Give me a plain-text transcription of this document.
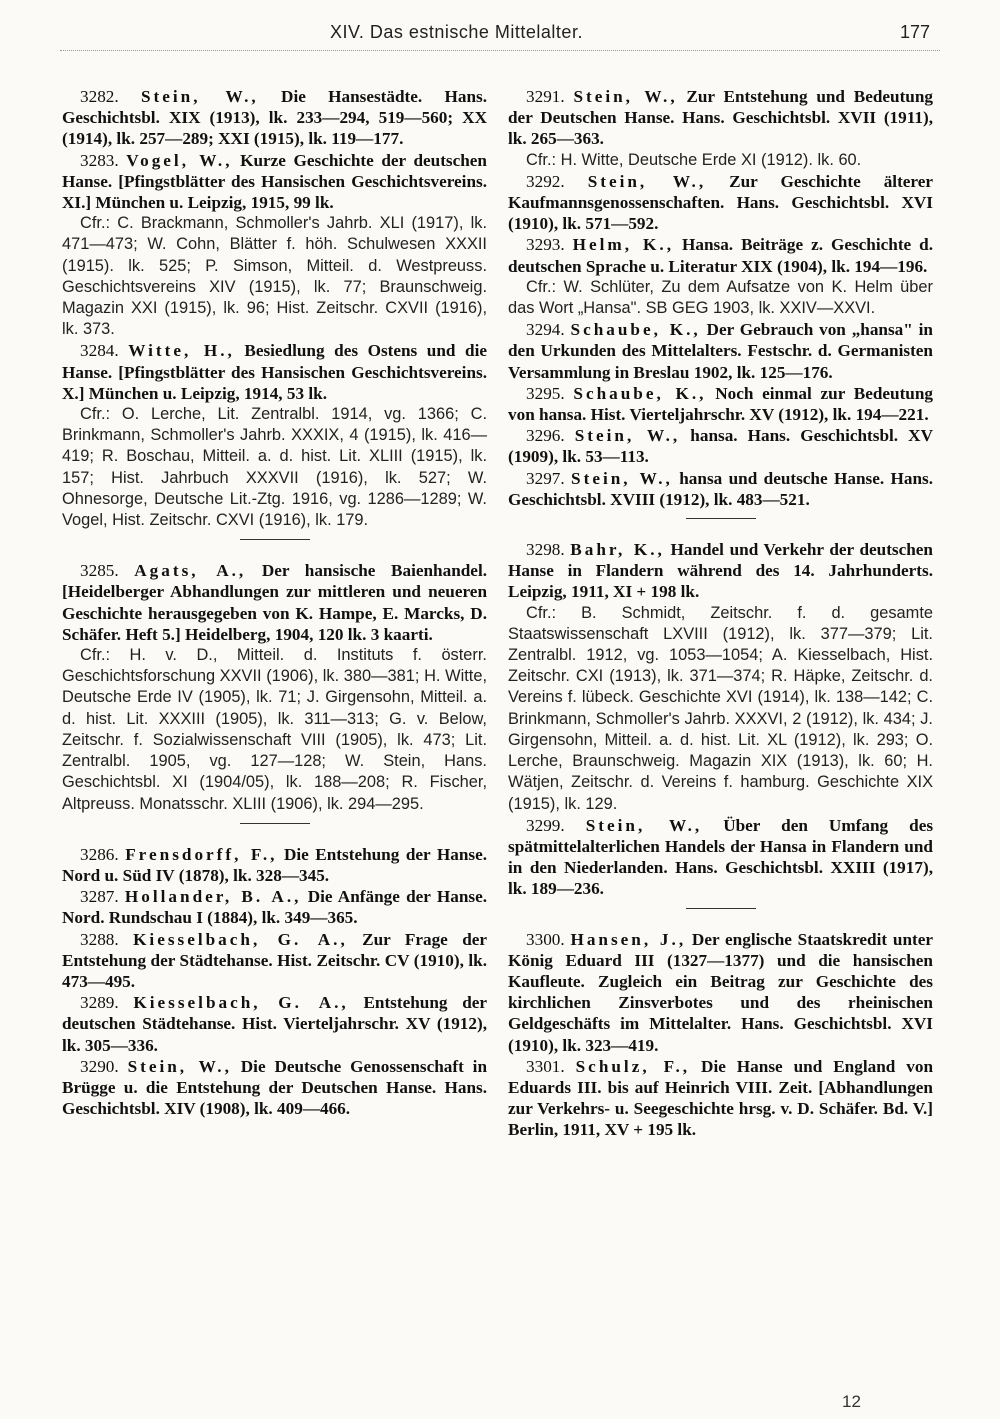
XIV. Das estnische Mittelalter.	177

3282. Stein, W., Die Hansestädte. Hans. Geschichtsbl. XIX (1913), lk. 233—294, 519—560; XX (1914), lk. 257—289; XXI (1915), lk. 119—177.

3283. Vogel, W., Kurze Geschichte der deutschen Hanse. [Pfingstblätter des Hansischen Geschichtsvereins. XI.] München u. Leipzig, 1915, 99 lk.

Cfr.: C. Brackmann, Schmoller's Jahrb. XLI (1917), lk. 471—473; W. Cohn, Blätter f. höh. Schulwesen XXXII (1915). lk. 525; P. Simson, Mitteil. d. Westpreuss. Geschichtsvereins XIV (1915), lk. 77; Braunschweig. Magazin XXI (1915), lk. 96; Hist. Zeitschr. CXVII (1916), lk. 373.

3284. Witte, H., Besiedlung des Ostens und die Hanse. [Pfingstblätter des Hansischen Geschichtsvereins. X.] München u. Leipzig, 1914, 53 lk.

Cfr.: O. Lerche, Lit. Zentralbl. 1914, vg. 1366; C. Brinkmann, Schmoller's Jahrb. XXXIX, 4 (1915), lk. 416—419; R. Boschau, Mitteil. a. d. hist. Lit. XLIII (1915), lk. 157; Hist. Jahrbuch XXXVII (1916), lk. 527; W. Ohnesorge, Deutsche Lit.-Ztg. 1916, vg. 1286—1289; W. Vogel, Hist. Zeitschr. CXVI (1916), lk. 179.

3285. Agats, A., Der hansische Baienhandel. [Heidelberger Abhandlungen zur mittleren und neueren Geschichte herausgegeben von K. Hampe, E. Marcks, D. Schäfer. Heft 5.] Heidelberg, 1904, 120 lk. 3 kaarti.

Cfr.: H. v. D., Mitteil. d. Instituts f. österr. Geschichtsforschung XXVII (1906), lk. 380—381; H. Witte, Deutsche Erde IV (1905), lk. 71; J. Girgensohn, Mitteil. a. d. hist. Lit. XXXIII (1905), lk. 311—313; G. v. Below, Zeitschr. f. Sozialwissenschaft VIII (1905), lk. 473; Lit. Zentralbl. 1905, vg. 127—128; W. Stein, Hans. Geschichtsbl. XI (1904/05), lk. 188—208; R. Fischer, Altpreuss. Monatsschr. XLIII (1906), lk. 294—295.

3286. Frensdorff, F., Die Entstehung der Hanse. Nord u. Süd IV (1878), lk. 328—345.

3287. Hollander, B. A., Die Anfänge der Hanse. Nord. Rundschau I (1884), lk. 349—365.

3288. Kiesselbach, G. A., Zur Frage der Entstehung der Städtehanse. Hist. Zeitschr. CV (1910), lk. 473—495.

3289. Kiesselbach, G. A., Entstehung der deutschen Städtehanse. Hist. Vierteljahrschr. XV (1912), lk. 305—336.

3290. Stein, W., Die Deutsche Genossenschaft in Brügge u. die Entstehung der Deutschen Hanse. Hans. Geschichtsbl. XIV (1908), lk. 409—466.

3291. Stein, W., Zur Entstehung und Bedeutung der Deutschen Hanse. Hans. Geschichtsbl. XVII (1911), lk. 265—363.

Cfr.: H. Witte, Deutsche Erde XI (1912). lk. 60.

3292. Stein, W., Zur Geschichte älterer Kaufmannsgenossenschaften. Hans. Geschichtsbl. XVI (1910), lk. 571—592.

3293. Helm, K., Hansa. Beiträge z. Geschichte d. deutschen Sprache u. Literatur XIX (1904), lk. 194—196.

Cfr.: W. Schlüter, Zu dem Aufsatze von K. Helm über das Wort „Hansa". SB GEG 1903, lk. XXIV—XXVI.

3294. Schaube, K., Der Gebrauch von „hansa" in den Urkunden des Mittelalters. Festschr. d. Germanisten Versammlung in Breslau 1902, lk. 125—176.

3295. Schaube, K., Noch einmal zur Bedeutung von hansa. Hist. Vierteljahrschr. XV (1912), lk. 194—221.

3296. Stein, W., hansa. Hans. Geschichtsbl. XV (1909), lk. 53—113.

3297. Stein, W., hansa und deutsche Hanse. Hans. Geschichtsbl. XVIII (1912), lk. 483—521.

3298. Bahr, K., Handel und Verkehr der deutschen Hanse in Flandern während des 14. Jahrhunderts. Leipzig, 1911, XI + 198 lk.

Cfr.: B. Schmidt, Zeitschr. f. d. gesamte Staatswissenschaft LXVIII (1912), lk. 377—379; Lit. Zentralbl. 1912, vg. 1053—1054; A. Kiesselbach, Hist. Zeitschr. CXI (1913), lk. 371—374; R. Häpke, Zeitschr. d. Vereins f. lübeck. Geschichte XVI (1914), lk. 138—142; C. Brinkmann, Schmoller's Jahrb. XXXVI, 2 (1912), lk. 434; J. Girgensohn, Mitteil. a. d. hist. Lit. XL (1912), lk. 293; O. Lerche, Braunschweig. Magazin XIX (1913), lk. 60; H. Wätjen, Zeitschr. d. Vereins f. hamburg. Geschichte XIX (1915), lk. 129.

3299. Stein, W., Über den Umfang des spätmittelalterlichen Handels der Hansa in Flandern und in den Niederlanden. Hans. Geschichtsbl. XXIII (1917), lk. 189—236.

3300. Hansen, J., Der englische Staatskredit unter König Eduard III (1327—1377) und die hansischen Kaufleute. Zugleich ein Beitrag zur Geschichte des kirchlichen Zinsverbotes und des rheinischen Geldgeschäfts im Mittelalter. Hans. Geschichtsbl. XVI (1910), lk. 323—419.

3301. Schulz, F., Die Hanse und England von Eduards III. bis auf Heinrich VIII. Zeit. [Abhandlungen zur Verkehrs- u. Seegeschichte hrsg. v. D. Schäfer. Bd. V.] Berlin, 1911, XV + 195 lk.

12
